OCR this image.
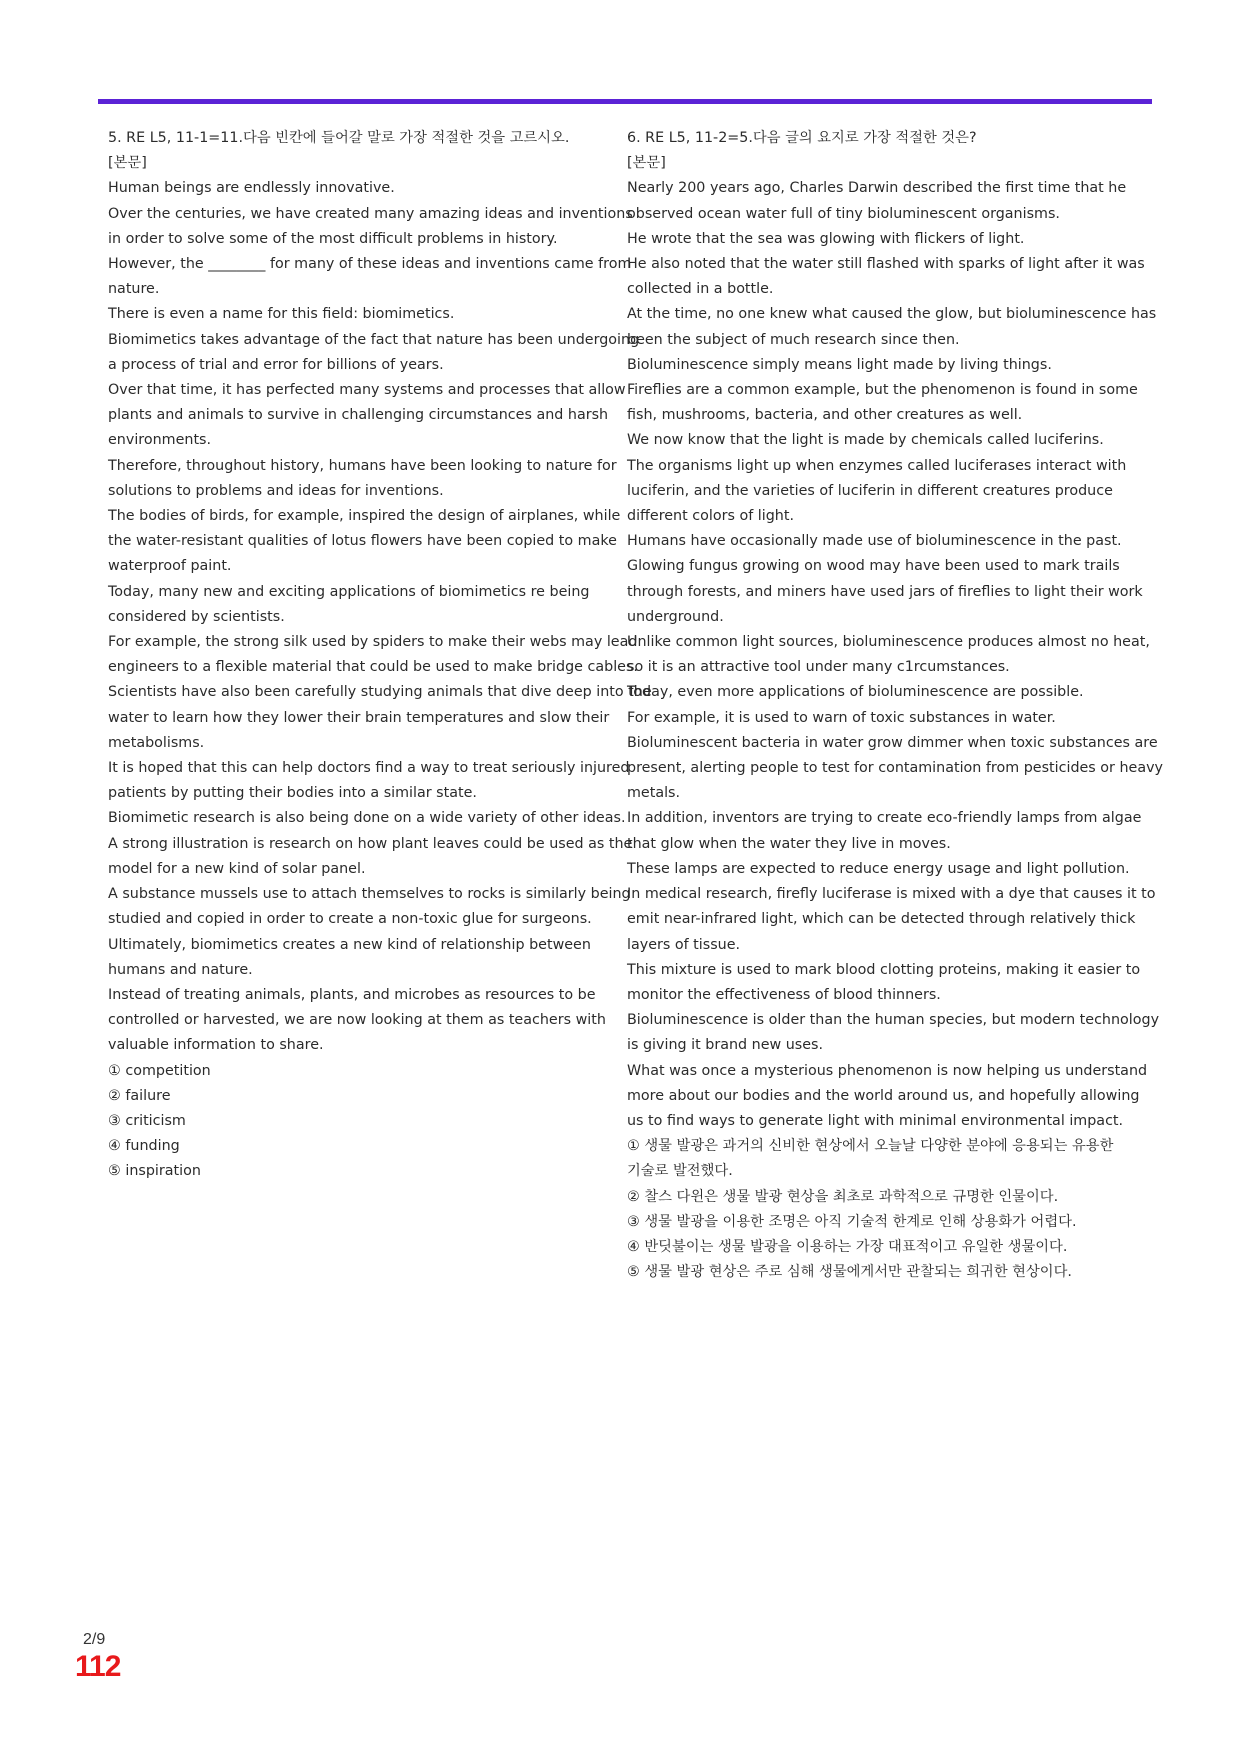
5. RE L5, 11-1=11.다음 빈칸에 들어갈 말로 가장 적절한 것을 고르시오.
[본문]
Human beings are endlessly innovative.
Over the centuries, we have created many amazing ideas and inventions
in order to solve some of the most difficult problems in history.
However, the ________ for many of these ideas and inventions came from
nature.
There is even a name for this field: biomimetics.
Biomimetics takes advantage of the fact that nature has been undergoing
a process of trial and error for billions of years.
Over that time, it has perfected many systems and processes that allow
plants and animals to survive in challenging circumstances and harsh
environments.
Therefore, throughout history, humans have been looking to nature for
solutions to problems and ideas for inventions.
The bodies of birds, for example, inspired the design of airplanes, while
the water-resistant qualities of lotus flowers have been copied to make
waterproof paint.
Today, many new and exciting applications of biomimetics re being
considered by scientists.
For example, the strong silk used by spiders to make their webs may lead
engineers to a flexible material that could be used to make bridge cables.
Scientists have also been carefully studying animals that dive deep into the
water to learn how they lower their brain temperatures and slow their
metabolisms.
It is hoped that this can help doctors find a way to treat seriously injured
patients by putting their bodies into a similar state.
Biomimetic research is also being done on a wide variety of other ideas.
A strong illustration is research on how plant leaves could be used as the
model for a new kind of solar panel.
A substance mussels use to attach themselves to rocks is similarly being
studied and copied in order to create a non-toxic glue for surgeons.
Ultimately, biomimetics creates a new kind of relationship between
humans and nature.
Instead of treating animals, plants, and microbes as resources to be
controlled or harvested, we are now looking at them as teachers with
valuable information to share.
① competition
② failure
③ criticism
④ funding
⑤ inspiration
6. RE L5, 11-2=5.다음 글의 요지로 가장 적절한 것은?
[본문]
Nearly 200 years ago, Charles Darwin described the first time that he
observed ocean water full of tiny bioluminescent organisms.
He wrote that the sea was glowing with flickers of light.
He also noted that the water still flashed with sparks of light after it was
collected in a bottle.
At the time, no one knew what caused the glow, but bioluminescence has
been the subject of much research since then.
Bioluminescence simply means light made by living things.
Fireflies are a common example, but the phenomenon is found in some
fish, mushrooms, bacteria, and other creatures as well.
We now know that the light is made by chemicals called luciferins.
The organisms light up when enzymes called luciferases interact with
luciferin, and the varieties of luciferin in different creatures produce
different colors of light.
Humans have occasionally made use of bioluminescence in the past.
Glowing fungus growing on wood may have been used to mark trails
through forests, and miners have used jars of fireflies to light their work
underground.
Unlike common light sources, bioluminescence produces almost no heat,
so it is an attractive tool under many c1rcumstances.
Today, even more applications of bioluminescence are possible.
For example, it is used to warn of toxic substances in water.
Bioluminescent bacteria in water grow dimmer when toxic substances are
present, alerting people to test for contamination from pesticides or heavy
metals.
In addition, inventors are trying to create eco-friendly lamps from algae
that glow when the water they live in moves.
These lamps are expected to reduce energy usage and light pollution.
In medical research, firefly luciferase is mixed with a dye that causes it to
emit near-infrared light, which can be detected through relatively thick
layers of tissue.
This mixture is used to mark blood clotting proteins, making it easier to
monitor the effectiveness of blood thinners.
Bioluminescence is older than the human species, but modern technology
is giving it brand new uses.
What was once a mysterious phenomenon is now helping us understand
more about our bodies and the world around us, and hopefully allowing
us to find ways to generate light with minimal environmental impact.
① 생물 발광은 과거의 신비한 현상에서 오늘날 다양한 분야에 응용되는 유용한
기술로 발전했다.
② 찰스 다윈은 생물 발광 현상을 최초로 과학적으로 규명한 인물이다.
③ 생물 발광을 이용한 조명은 아직 기술적 한계로 인해 상용화가 어렵다.
④ 반딧불이는 생물 발광을 이용하는 가장 대표적이고 유일한 생물이다.
⑤ 생물 발광 현상은 주로 심해 생물에게서만 관찰되는 희귀한 현상이다.
2/9
112
